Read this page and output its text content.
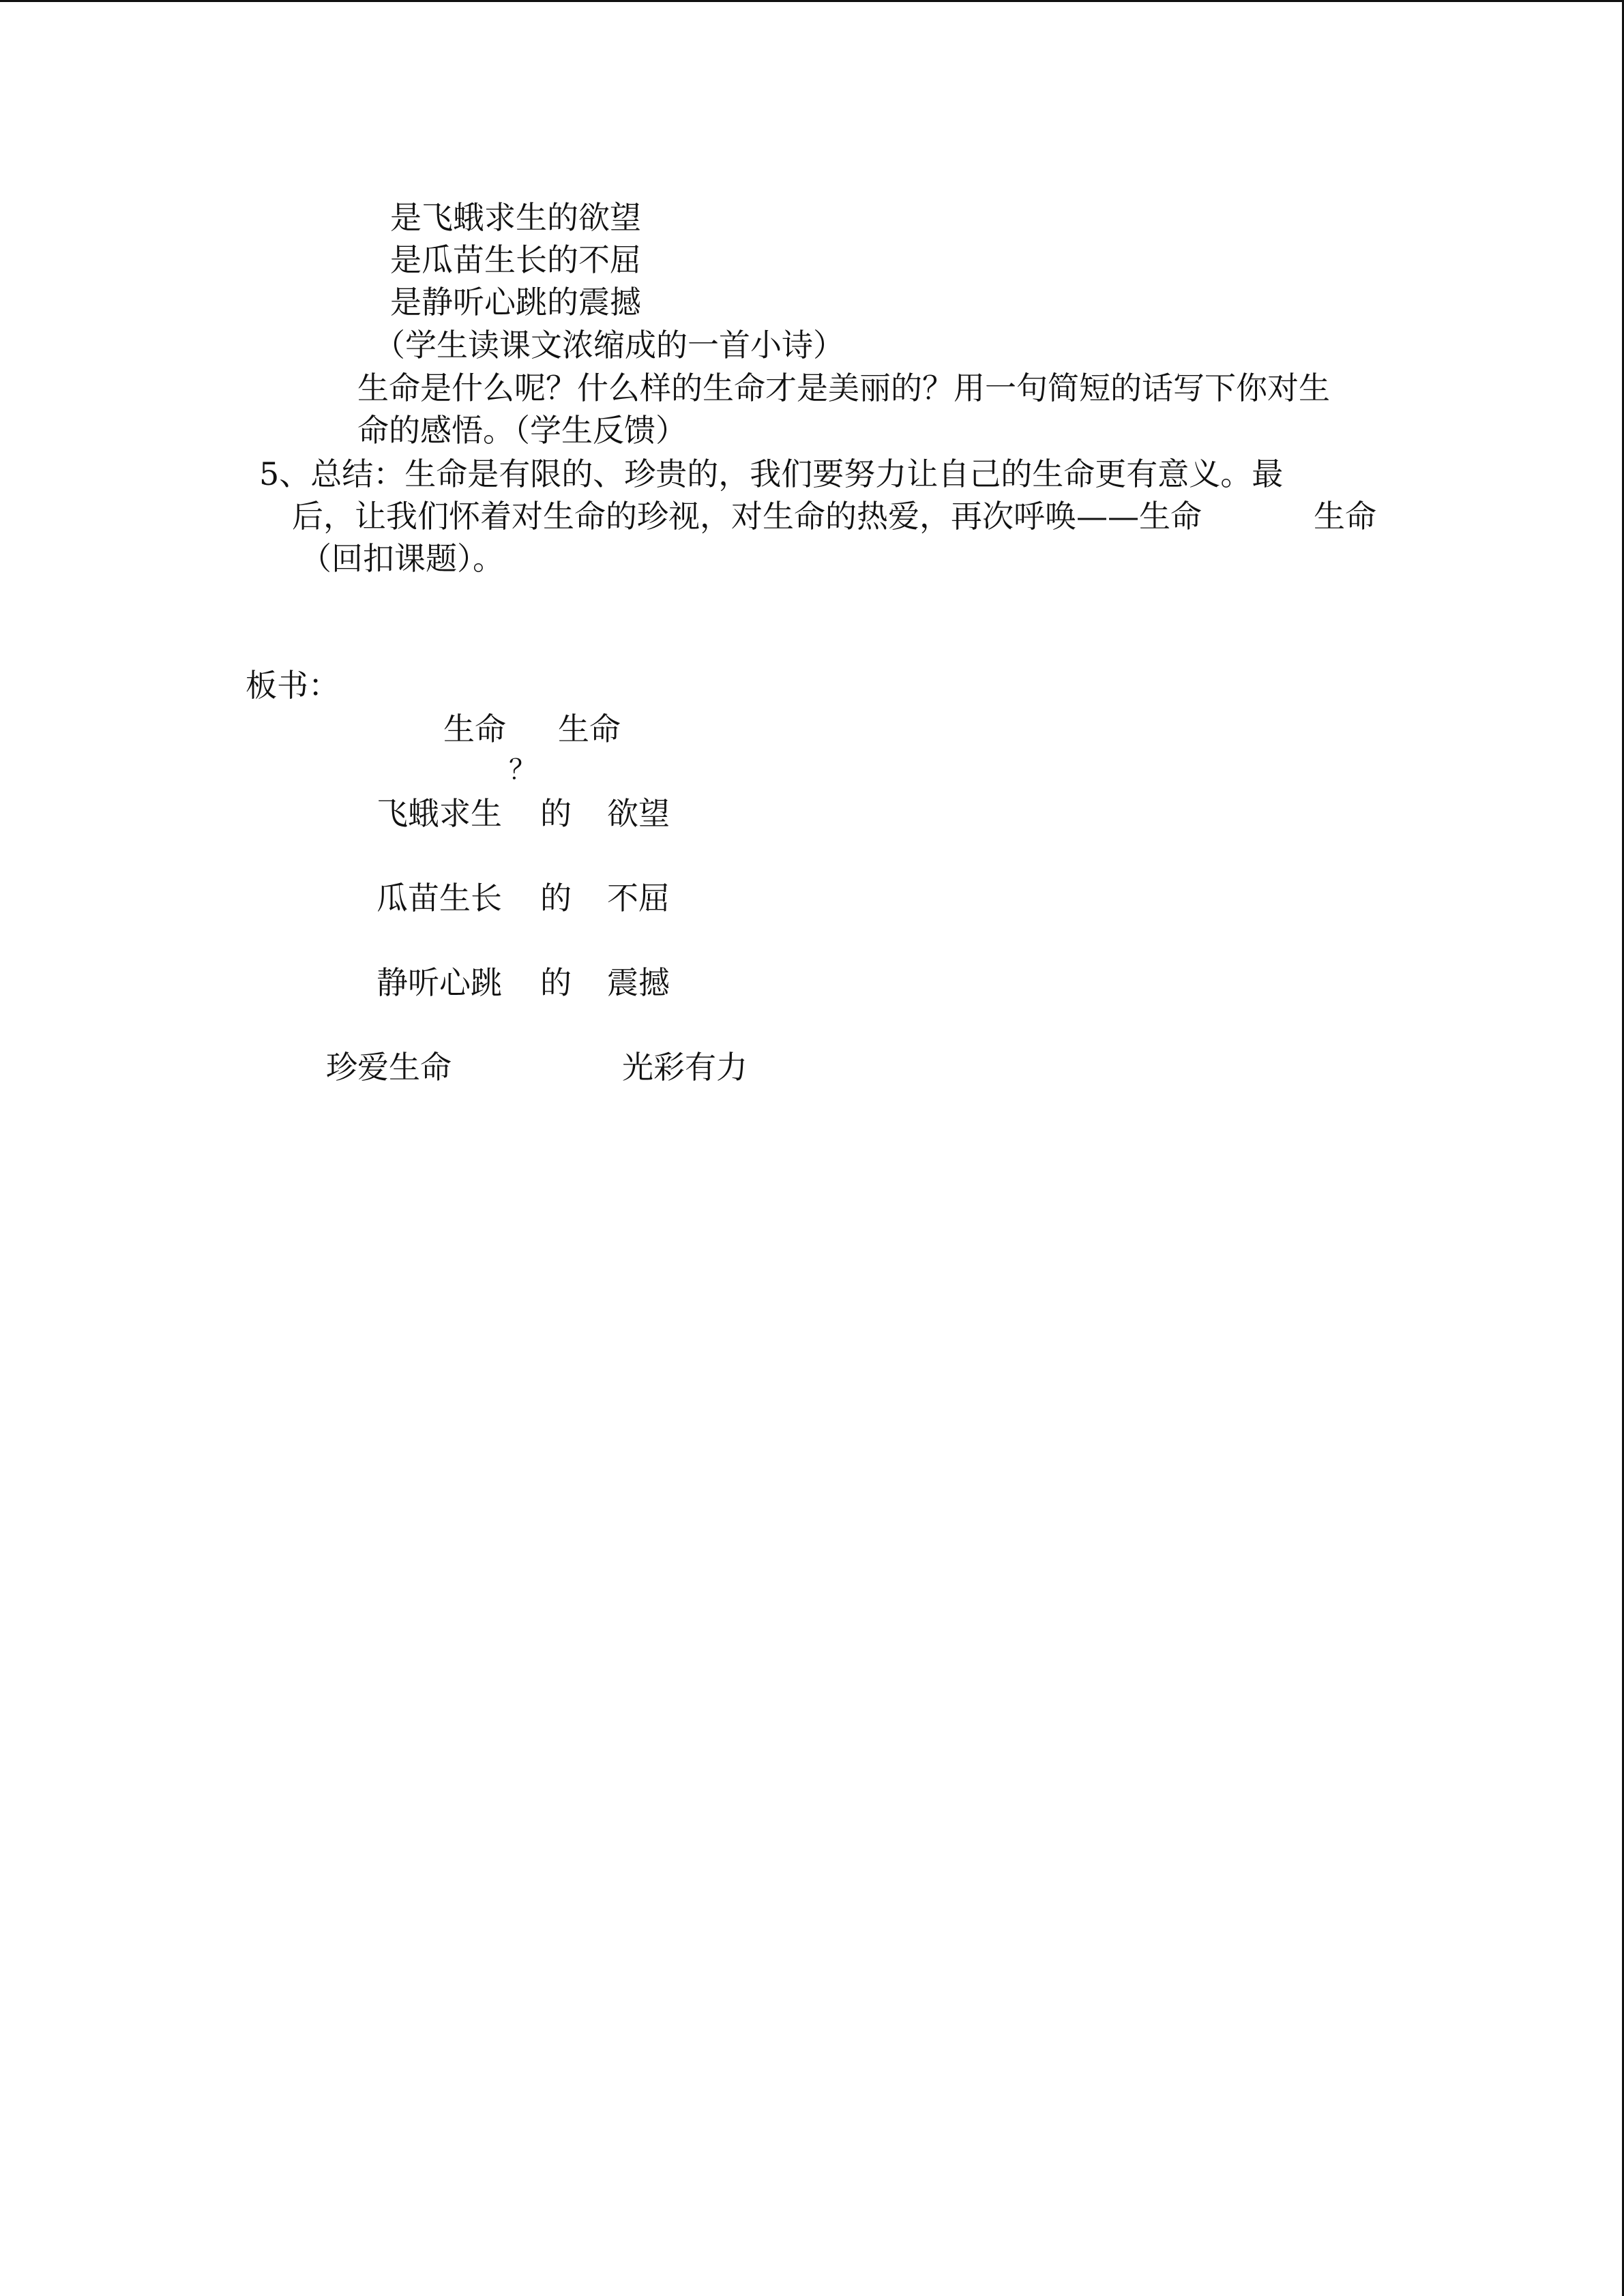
是飞蛾求生的欲望
是瓜苗生长的不屈
是静听心跳的震撼
（学生读课文浓缩成的一首小诗）
生命是什么呢？什么样的生命才是美丽的？用一句简短的话写下你对生
命的感悟。（学生反馈）
5、总结：生命是有限的、珍贵的，我们要努力让自己的生命更有意义。最
后，让我们怀着对生命的珍视，对生命的热爱，再次呼唤——生命	生命
（回扣课题）。
板书：
生命 生命
？
飞蛾求生 的 欲望
瓜苗生长 的 不屈
静听心跳 的 震撼
珍爱生命	光彩有力
